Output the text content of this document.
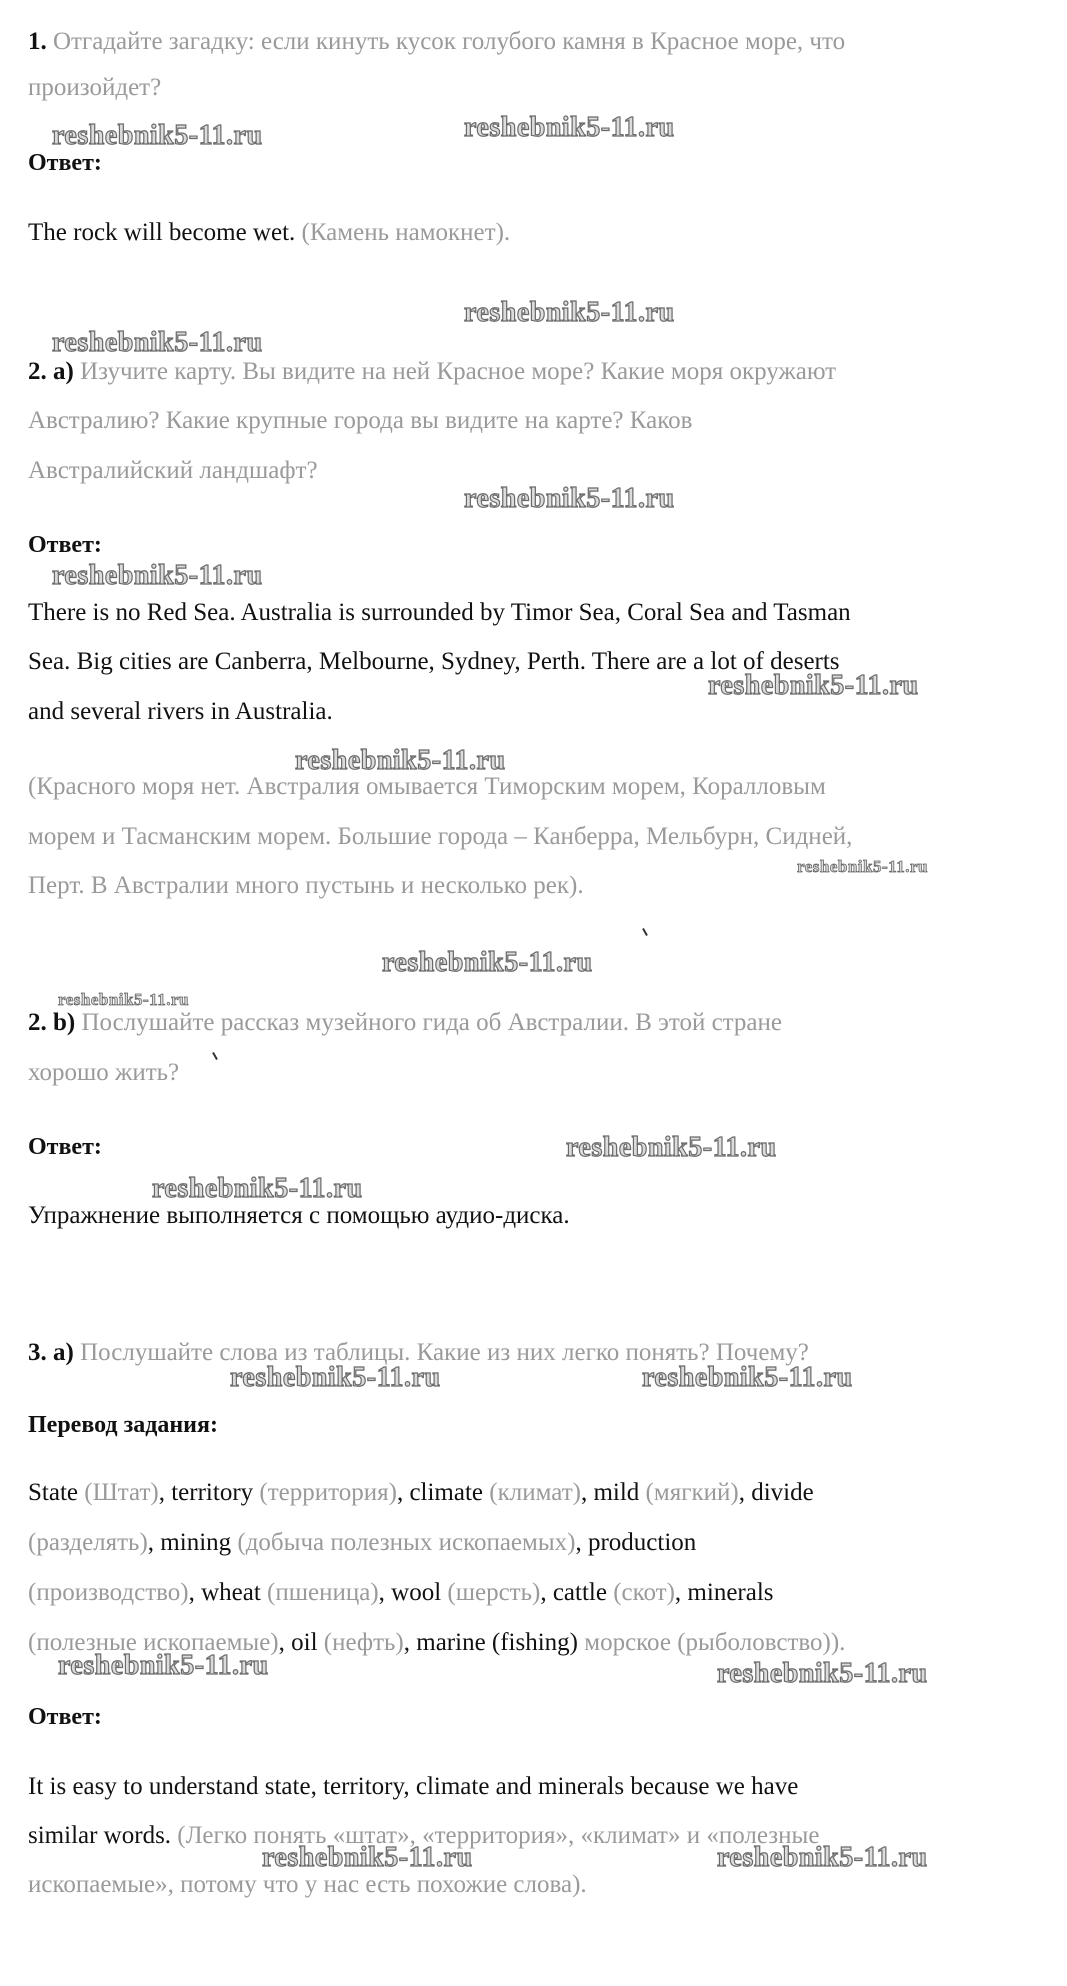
1. Отгадайте загадку: если кинуть кусок голубого камня в Красное море, что
произойдет?
Ответ:
The rock will become wet. (Камень намокнет).
2. a) Изучите карту. Вы видите на ней Красное море? Какие моря окружают
Австралию? Какие крупные города вы видите на карте? Каков
Австралийский ландшафт?
Ответ:
There is no Red Sea. Australia is surrounded by Timor Sea, Coral Sea and Tasman
Sea. Big cities are Canberra, Melbourne, Sydney, Perth. There are a lot of deserts
and several rivers in Australia.
(Красного моря нет. Австралия омывается Тиморским морем, Коралловым
морем и Тасманским морем. Большие города – Канберра, Мельбурн, Сидней,
Перт. В Австралии много пустынь и несколько рек).
2. b) Послушайте рассказ музейного гида об Австралии. В этой стране
хорошо жить?
Ответ:
Упражнение выполняется с помощью аудио-диска.
3. a) Послушайте слова из таблицы. Какие из них легко понять? Почему?
Перевод задания:
State (Штат), territory (территория), climate (климат), mild (мягкий), divide
(разделять), mining (добыча полезных ископаемых), production
(производство), wheat (пшеница), wool (шерсть), cattle (скот), minerals
(полезные ископаемые), oil (нефть), marine (fishing) морское (рыболовство)).
Ответ:
It is easy to understand state, territory, climate and minerals because we have
similar words. (Легко понять «штат», «территория», «климат» и «полезные
ископаемые», потому что у нас есть похожие слова).
reshebnik5-11.ru	reshebnik5-11.ru
reshebnik5-11.ru
reshebnik5-11.ru
reshebnik5-11.ru
reshebnik5-11.ru
reshebnik5-11.ru
reshebnik5-11.ru
reshebnik5-11.ru
reshebnik5-11.ru
reshebnik5-11.ru
reshebnik5-11.ru
reshebnik5-11.ru
reshebnik5-11.ru	reshebnik5-11.ru
reshebnik5-11.ru	reshebnik5-11.ru
reshebnik5-11.ru	reshebnik5-11.ru
